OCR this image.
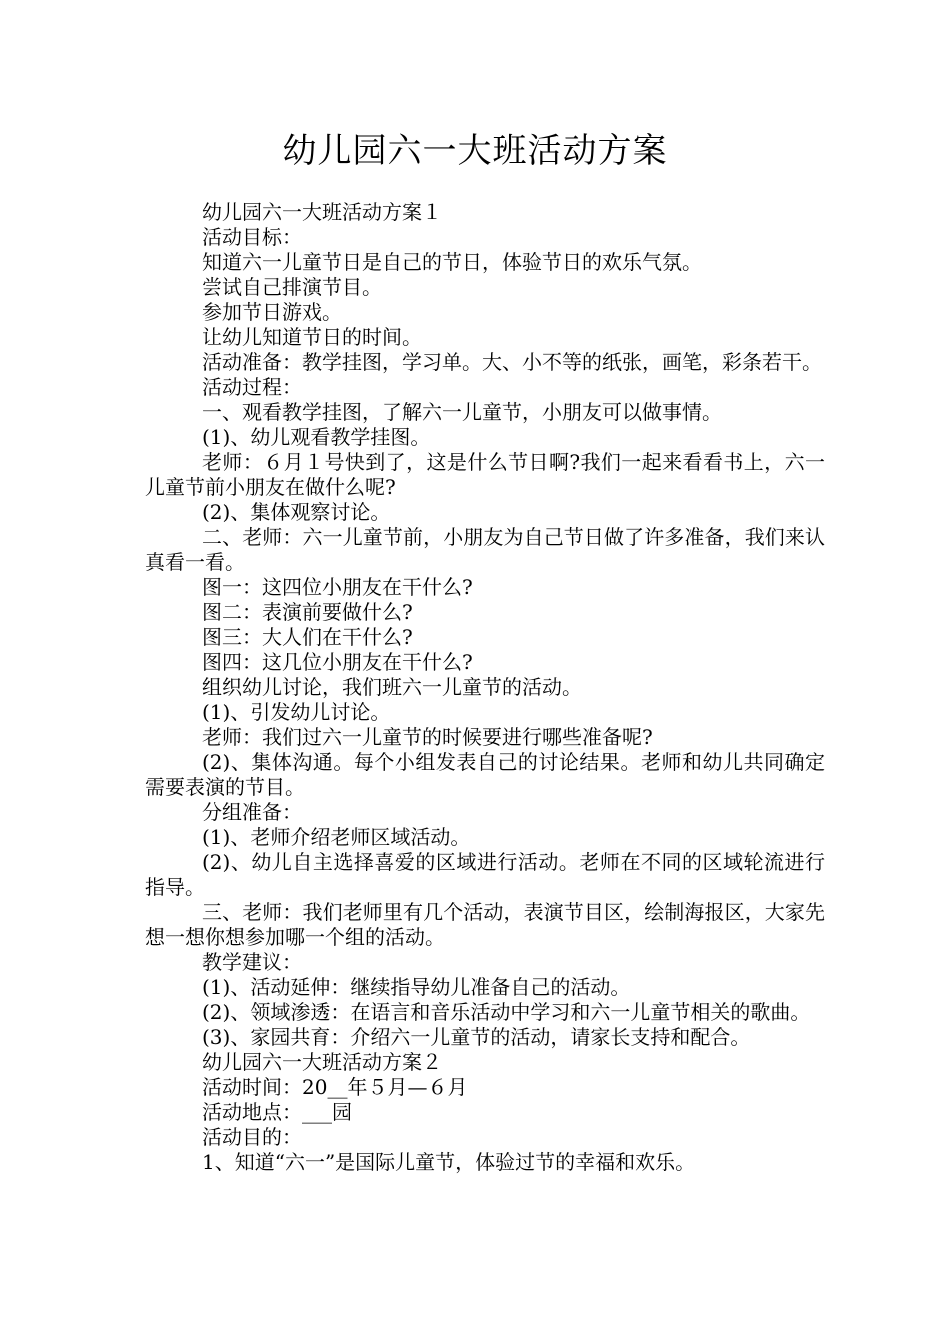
幼儿园六一大班活动方案

幼儿园六一大班活动方案１

活动目标：

知道六一儿童节日是自己的节日，体验节日的欢乐气氛。

尝试自己排演节目。

参加节日游戏。

让幼儿知道节日的时间。

活动准备：教学挂图，学习单。大、小不等的纸张，画笔，彩条若干。

活动过程：

一、观看教学挂图，了解六一儿童节，小朋友可以做事情。

(1)、幼儿观看教学挂图。

老师：６月１号快到了，这是什么节日啊?我们一起来看看书上，六一儿童节前小朋友在做什么呢?

(2)、集体观察讨论。

二、老师：六一儿童节前，小朋友为自己节日做了许多准备，我们来认真看一看。

图一：这四位小朋友在干什么?

图二：表演前要做什么?

图三：大人们在干什么?

图四：这几位小朋友在干什么?

组织幼儿讨论，我们班六一儿童节的活动。

(1)、引发幼儿讨论。

老师：我们过六一儿童节的时候要进行哪些准备呢?

(2)、集体沟通。每个小组发表自己的讨论结果。老师和幼儿共同确定需要表演的节目。

分组准备：

(1)、老师介绍老师区域活动。

(2)、幼儿自主选择喜爱的区域进行活动。老师在不同的区域轮流进行指导。

三、老师：我们老师里有几个活动，表演节目区，绘制海报区，大家先想一想你想参加哪一个组的活动。

教学建议：

(1)、活动延伸：继续指导幼儿准备自己的活动。

(2)、领域渗透：在语言和音乐活动中学习和六一儿童节相关的歌曲。

(3)、家园共育：介绍六一儿童节的活动，请家长支持和配合。

幼儿园六一大班活动方案２

活动时间：20__年５月—６月

活动地点：___园

活动目的：

1、知道“六一”是国际儿童节，体验过节的幸福和欢乐。
